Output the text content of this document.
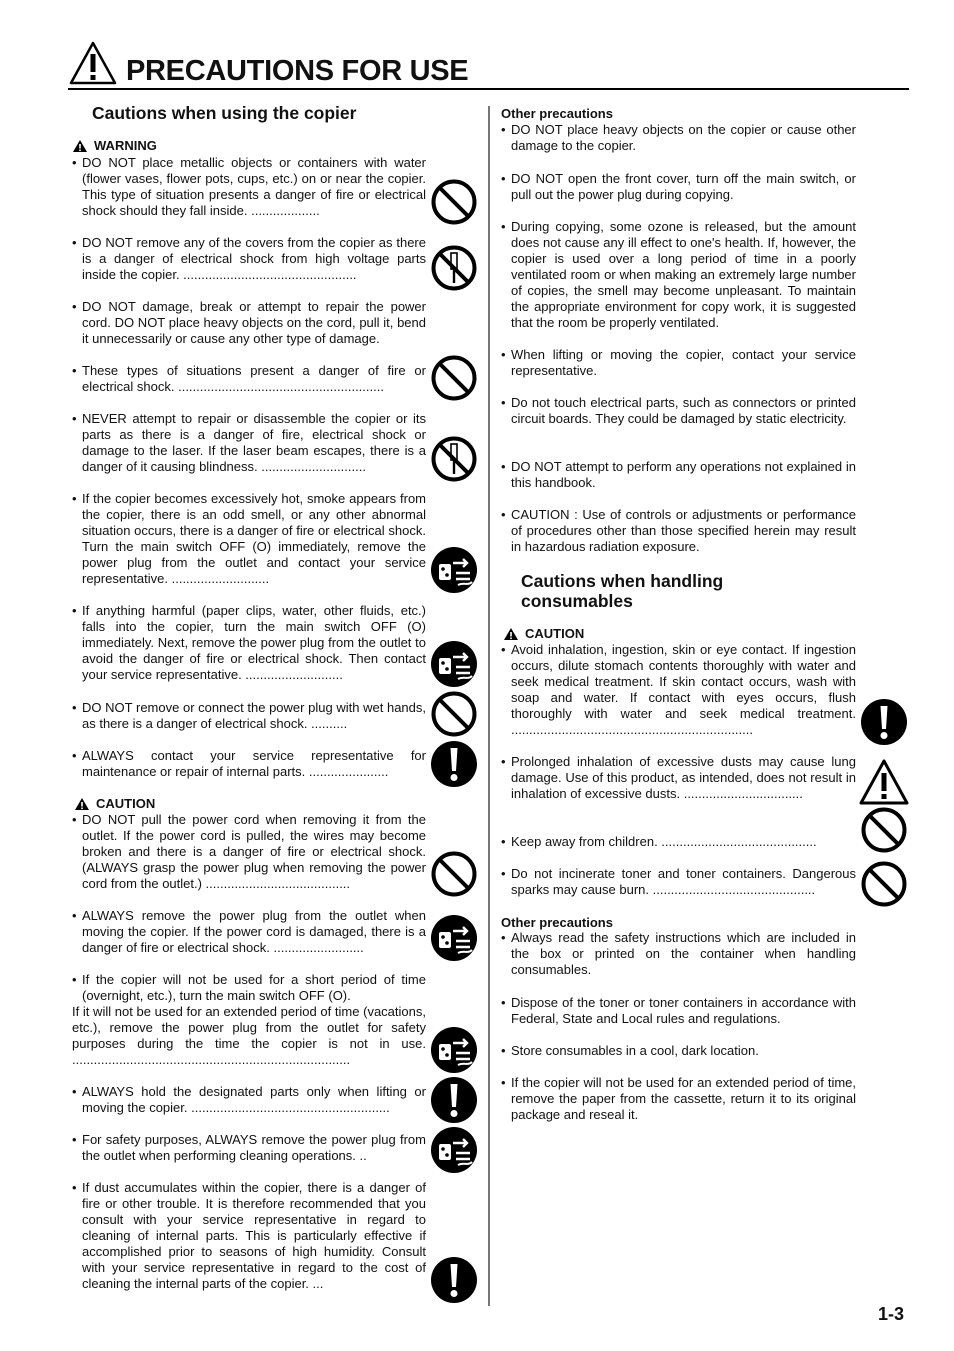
PRECAUTIONS FOR USE
Cautions when using the copier
WARNING
• DO NOT place metallic objects or containers with water (flower vases, flower pots, cups, etc.) on or near the copier. This type of situation presents a danger of fire or electrical shock should they fall inside. ...................
• DO NOT remove any of the covers from the copier as there is a danger of electrical shock from high voltage parts inside the copier. ................................................
• DO NOT damage, break or attempt to repair the power cord. DO NOT place heavy objects on the cord, pull it, bend it unnecessarily or cause any other type of damage.
• These types of situations present a danger of fire or electrical shock. .........................................................
• NEVER attempt to repair or disassemble the copier or its parts as there is a danger of fire, electrical shock or damage to the laser. If the laser beam escapes, there is a danger of it causing blindness. .............................
• If the copier becomes excessively hot, smoke appears from the copier, there is an odd smell, or any other abnormal situation occurs, there is a danger of fire or electrical shock. Turn the main switch OFF (O) immediately, remove the power plug from the outlet and contact your service representative. ...........................
• If anything harmful (paper clips, water, other fluids, etc.) falls into the copier, turn the main switch OFF (O) immediately. Next, remove the power plug from the outlet to avoid the danger of fire or electrical shock. Then contact your service representative. ...........................
• DO NOT remove or connect the power plug with wet hands, as there is a danger of electrical shock. ..........
• ALWAYS contact your service representative for maintenance or repair of internal parts. ......................
CAUTION
• DO NOT pull the power cord when removing it from the outlet. If the power cord is pulled, the wires may become broken and there is a danger of fire or electrical shock. (ALWAYS grasp the power plug when removing the power cord from the outlet.) ........................................
• ALWAYS remove the power plug from the outlet when moving the copier. If the power cord is damaged, there is a danger of fire or electrical shock. .........................
• If the copier will not be used for a short period of time (overnight, etc.), turn the main switch OFF (O).
If it will not be used for an extended period of time (vacations, etc.), remove the power plug from the outlet for safety purposes during the time the copier is not in use. .............................................................................
• ALWAYS hold the designated parts only when lifting or moving the copier. .......................................................
• For safety purposes, ALWAYS remove the power plug from the outlet when performing cleaning operations. ..
• If dust accumulates within the copier, there is a danger of fire or other trouble. It is therefore recommended that you consult with your service representative in regard to cleaning of internal parts. This is particularly effective if accomplished prior to seasons of high humidity. Consult with your service representative in regard to the cost of cleaning the internal parts of the copier. ...
Other precautions
• DO NOT place heavy objects on the copier or cause other damage to the copier.
• DO NOT open the front cover, turn off the main switch, or pull out the power plug during copying.
• During copying, some ozone is released, but the amount does not cause any ill effect to one's health. If, however, the copier is used over a long period of time in a poorly ventilated room or when making an extremely large number of copies, the smell may become unpleasant. To maintain the appropriate environment for copy work, it is suggested that the room be properly ventilated.
• When lifting or moving the copier, contact your service representative.
• Do not touch electrical parts, such as connectors or printed circuit boards. They could be damaged by static electricity.
• DO NOT attempt to perform any operations not explained in this handbook.
• CAUTION : Use of controls or adjustments or performance of procedures other than those specified herein may result in hazardous radiation exposure.
Cautions when handling consumables
CAUTION
• Avoid inhalation, ingestion, skin or eye contact. If ingestion occurs, dilute stomach contents thoroughly with water and seek medical treatment. If skin contact occurs, wash with soap and water. If contact with eyes occurs, flush thoroughly with water and seek medical treatment. ...................................................................
• Prolonged inhalation of excessive dusts may cause lung damage. Use of this product, as intended, does not result in inhalation of excessive dusts. .................................
• Keep away from children. ...........................................
• Do not incinerate toner and toner containers. Dangerous sparks may cause burn. .............................................
Other precautions
• Always read the safety instructions which are included in the box or printed on the container when handling consumables.
• Dispose of the toner or toner containers in accordance with Federal, State and Local rules and regulations.
• Store consumables in a cool, dark location.
• If the copier will not be used for an extended period of time, remove the paper from the cassette, return it to its original package and reseal it.
1-3
